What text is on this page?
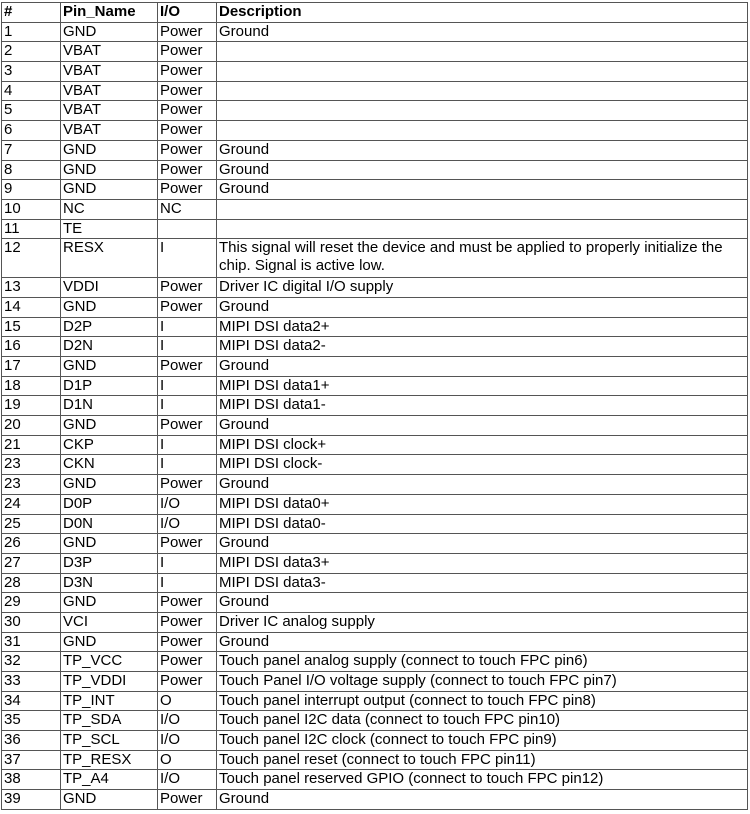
#	Pin_Name	I/O	Description
1	GND	Power	Ground
2	VBAT	Power	
3	VBAT	Power	
4	VBAT	Power	
5	VBAT	Power	
6	VBAT	Power	
7	GND	Power	Ground
8	GND	Power	Ground
9	GND	Power	Ground
10	NC	NC	
11	TE		
12	RESX	I	This signal will reset the device and must be applied to properly initialize the chip. Signal is active low.
13	VDDI	Power	Driver IC digital I/O supply
14	GND	Power	Ground
15	D2P	I	MIPI DSI data2+
16	D2N	I	MIPI DSI data2-
17	GND	Power	Ground
18	D1P	I	MIPI DSI data1+
19	D1N	I	MIPI DSI data1-
20	GND	Power	Ground
21	CKP	I	MIPI DSI clock+
23	CKN	I	MIPI DSI clock-
23	GND	Power	Ground
24	D0P	I/O	MIPI DSI data0+
25	D0N	I/O	MIPI DSI data0-
26	GND	Power	Ground
27	D3P	I	MIPI DSI data3+
28	D3N	I	MIPI DSI data3-
29	GND	Power	Ground
30	VCI	Power	Driver IC analog supply
31	GND	Power	Ground
32	TP_VCC	Power	Touch panel analog supply (connect to touch FPC pin6)
33	TP_VDDI	Power	Touch Panel I/O voltage supply (connect to touch FPC pin7)
34	TP_INT	O	Touch panel interrupt output (connect to touch FPC pin8)
35	TP_SDA	I/O	Touch panel I2C data (connect to touch FPC pin10)
36	TP_SCL	I/O	Touch panel I2C clock (connect to touch FPC pin9)
37	TP_RESX	O	Touch panel reset (connect to touch FPC pin11)
38	TP_A4	I/O	Touch panel reserved GPIO (connect to touch FPC pin12)
39	GND	Power	Ground
